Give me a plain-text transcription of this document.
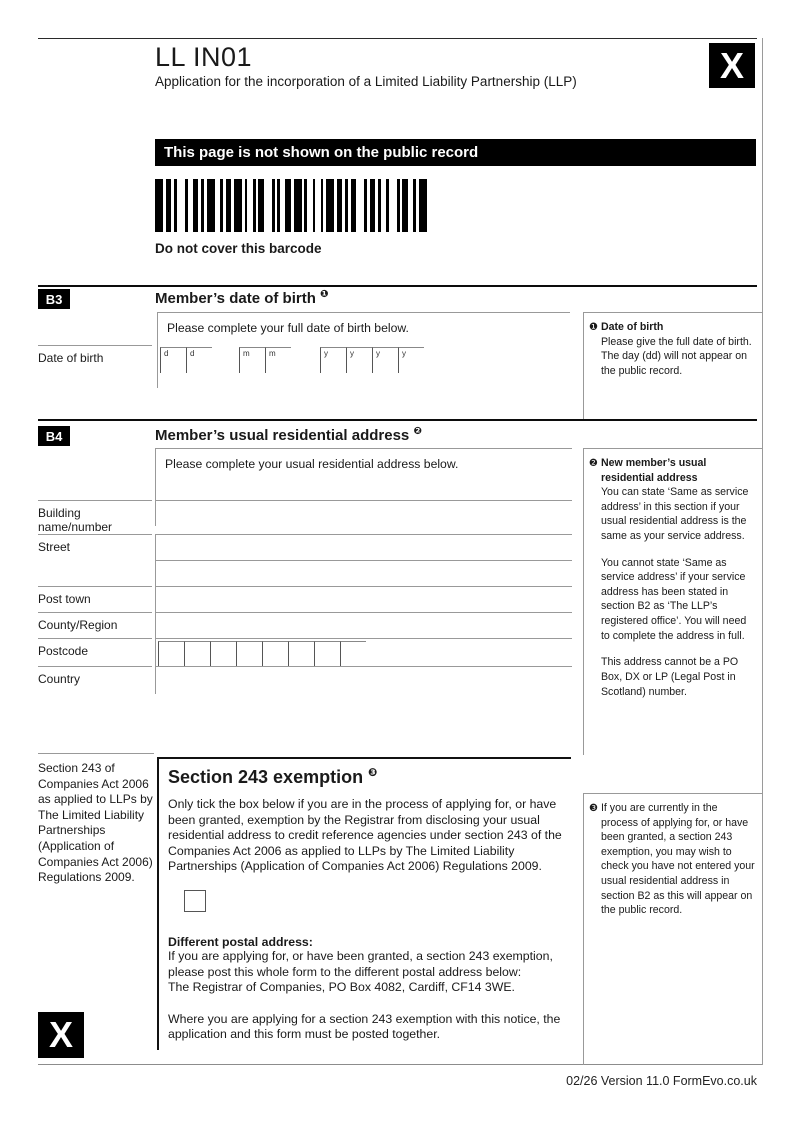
LL IN01
Application for the incorporation of a Limited Liability Partnership (LLP)	X
This page is not shown on the public record
Do not cover this barcode
B3	Member’s date of birth $^❶$
Please complete your full date of birth below.
d	d	m	m	y	y	y	y
Date of birth
❶ Date of birth
Please give the full date of birth. The day (dd) will not appear on the public record.
B4	Member’s usual residential address $^❷$
Please complete your usual residential address below.
Building name/number
Street
Post town
County/Region
Postcode
Country
❷ New member’s usual residential address

You can state ‘Same as service address’ in this section if your usual residential address is the same as your service address.

You cannot state ‘Same as service address’ if your service address has been stated in section B2 as ‘The LLP’s registered office’. You will need to complete the address in full.

This address cannot be a PO Box, DX or LP (Legal Post in Scotland) number.

Section 243 of Companies Act 2006 as applied to LLPs by The Limited Liability Partnerships (Application of Companies Act 2006) Regulations 2009.
Section 243 exemption $^❸$

Only tick the box below if you are in the process of applying for, or have been granted, exemption by the Registrar from disclosing your usual residential address to credit reference agencies under section 243 of the Companies Act 2006 as applied to LLPs by The Limited Liability Partnerships (Application of Companies Act 2006) Regulations 2009.

Different postal address:

If you are applying for, or have been granted, a section 243 exemption, please post this whole form to the different postal address below:

The Registrar of Companies, PO Box 4082, Cardiff, CF14 3WE.

Where you are applying for a section 243 exemption with this notice, the application and this form must be posted together.

❸ If you are currently in the process of applying for, or have been granted, a section 243 exemption, you may wish to check you have not entered your usual residential address in section B2 as this will appear on the public record.
X
02/26 Version 11.0 FormEvo.co.uk
